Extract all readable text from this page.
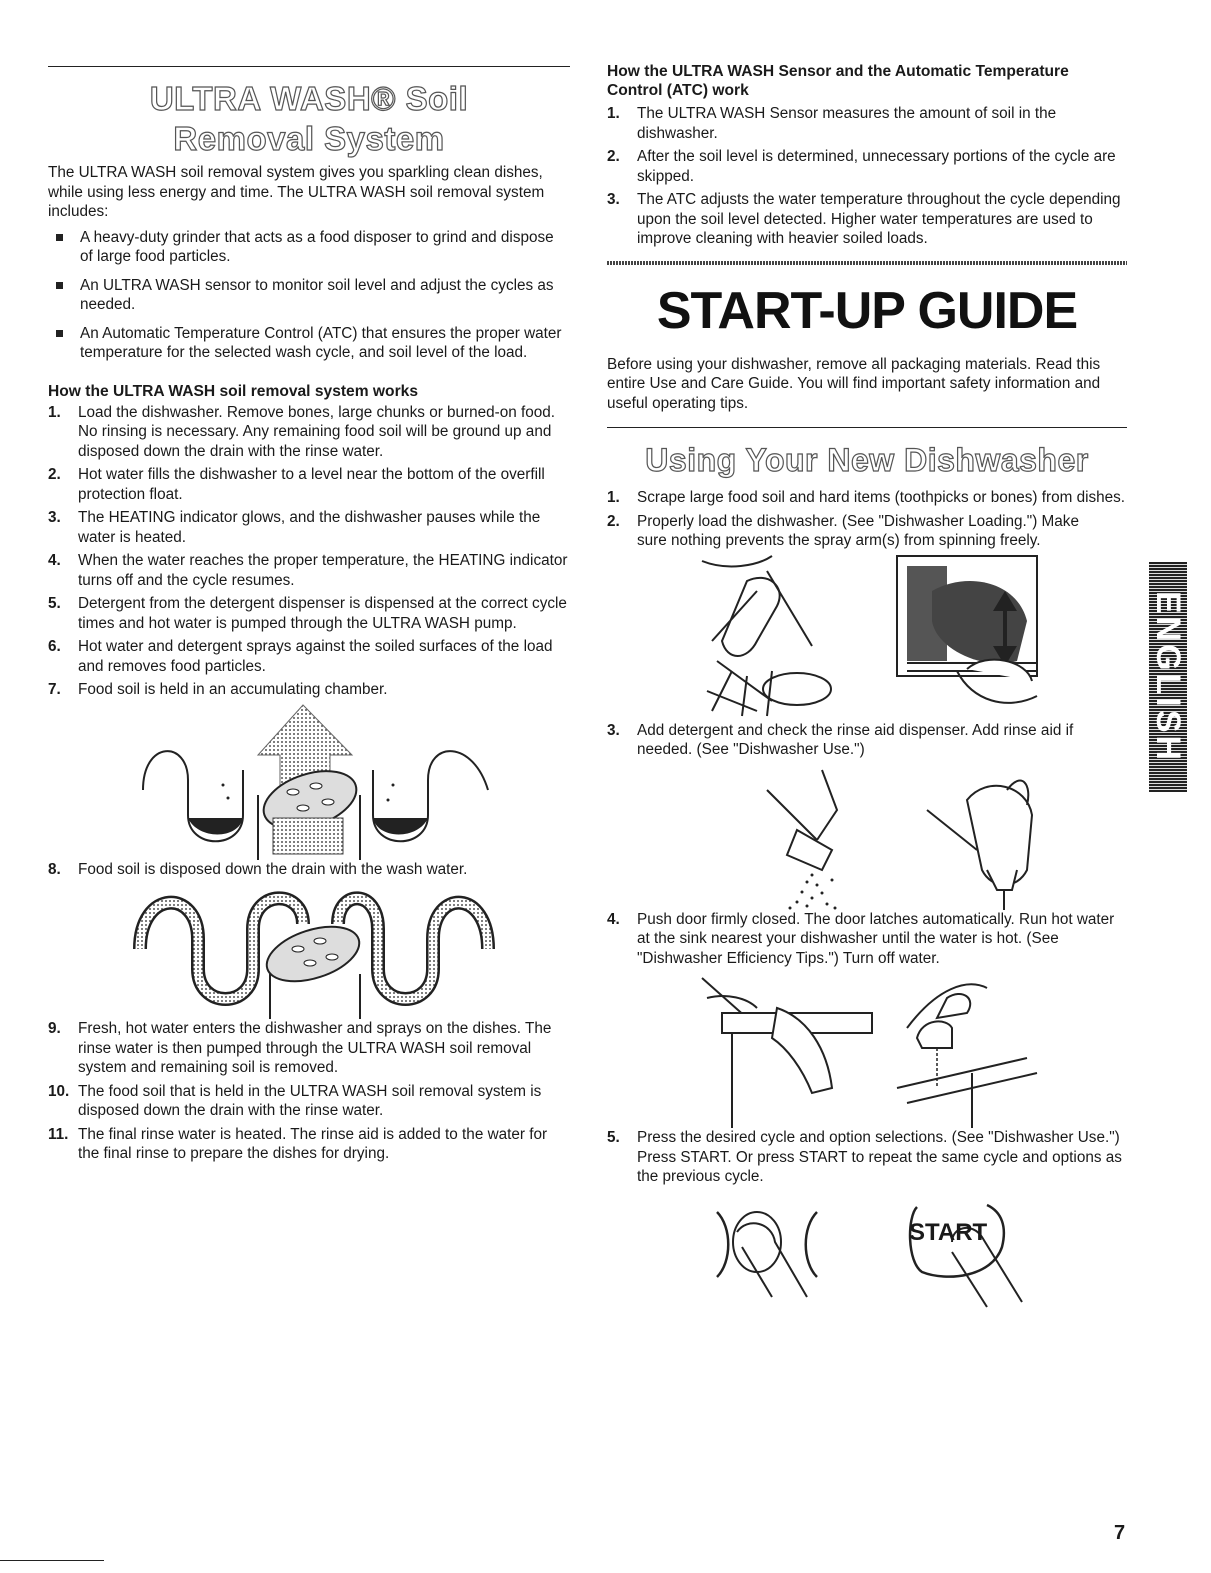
ULTRA WASH® Soil
Removal System

The ULTRA WASH soil removal system gives you sparkling clean dishes, while using less energy and time. The ULTRA WASH soil removal system includes:

A heavy-duty grinder that acts as a food disposer to grind and dispose of large food particles.
An ULTRA WASH sensor to monitor soil level and adjust the cycles as needed.
An Automatic Temperature Control (ATC) that ensures the proper water temperature for the selected wash cycle, and soil level of the load.
How the ULTRA WASH soil removal system works
1. Load the dishwasher. Remove bones, large chunks or burned-on food. No rinsing is necessary. Any remaining food soil will be ground up and disposed down the drain with the rinse water.
2. Hot water fills the dishwasher to a level near the bottom of the overfill protection float.
3. The HEATING indicator glows, and the dishwasher pauses while the water is heated.
4. When the water reaches the proper temperature, the HEATING indicator turns off and the cycle resumes.
5. Detergent from the detergent dispenser is dispensed at the correct cycle times and hot water is pumped through the ULTRA WASH pump.
6. Hot water and detergent sprays against the soiled surfaces of the load and removes food particles.
7. Food soil is held in an accumulating chamber.
8. Food soil is disposed down the drain with the wash water.
9. Fresh, hot water enters the dishwasher and sprays on the dishes. The rinse water is then pumped through the ULTRA WASH soil removal system and remaining soil is removed.
10. The food soil that is held in the ULTRA WASH soil removal system is disposed down the drain with the rinse water.
11. The final rinse water is heated. The rinse aid is added to the water for the final rinse to prepare the dishes for drying.
How the ULTRA WASH Sensor and the Automatic Temperature Control (ATC) work
1. The ULTRA WASH Sensor measures the amount of soil in the dishwasher.
2. After the soil level is determined, unnecessary portions of the cycle are skipped.
3. The ATC adjusts the water temperature throughout the cycle depending upon the soil level detected. Higher water temperatures are used to improve cleaning with heavier soiled loads.
START-UP GUIDE

Before using your dishwasher, remove all packaging materials. Read this entire Use and Care Guide. You will find important safety information and useful operating tips.

Using Your New Dishwasher
1. Scrape large food soil and hard items (toothpicks or bones) from dishes.
2. Properly load the dishwasher. (See "Dishwasher Loading.") Make sure nothing prevents the spray arm(s) from spinning freely.
3. Add detergent and check the rinse aid dispenser. Add rinse aid if needed. (See "Dishwasher Use.")
4. Push door firmly closed. The door latches automatically. Run hot water at the sink nearest your dishwasher until the water is hot. (See "Dishwasher Efficiency Tips.") Turn off water.
5. Press the desired cycle and option selections. (See "Dishwasher Use.") Press START. Or press START to repeat the same cycle and options as the previous cycle.
START
ENGLISH
7
